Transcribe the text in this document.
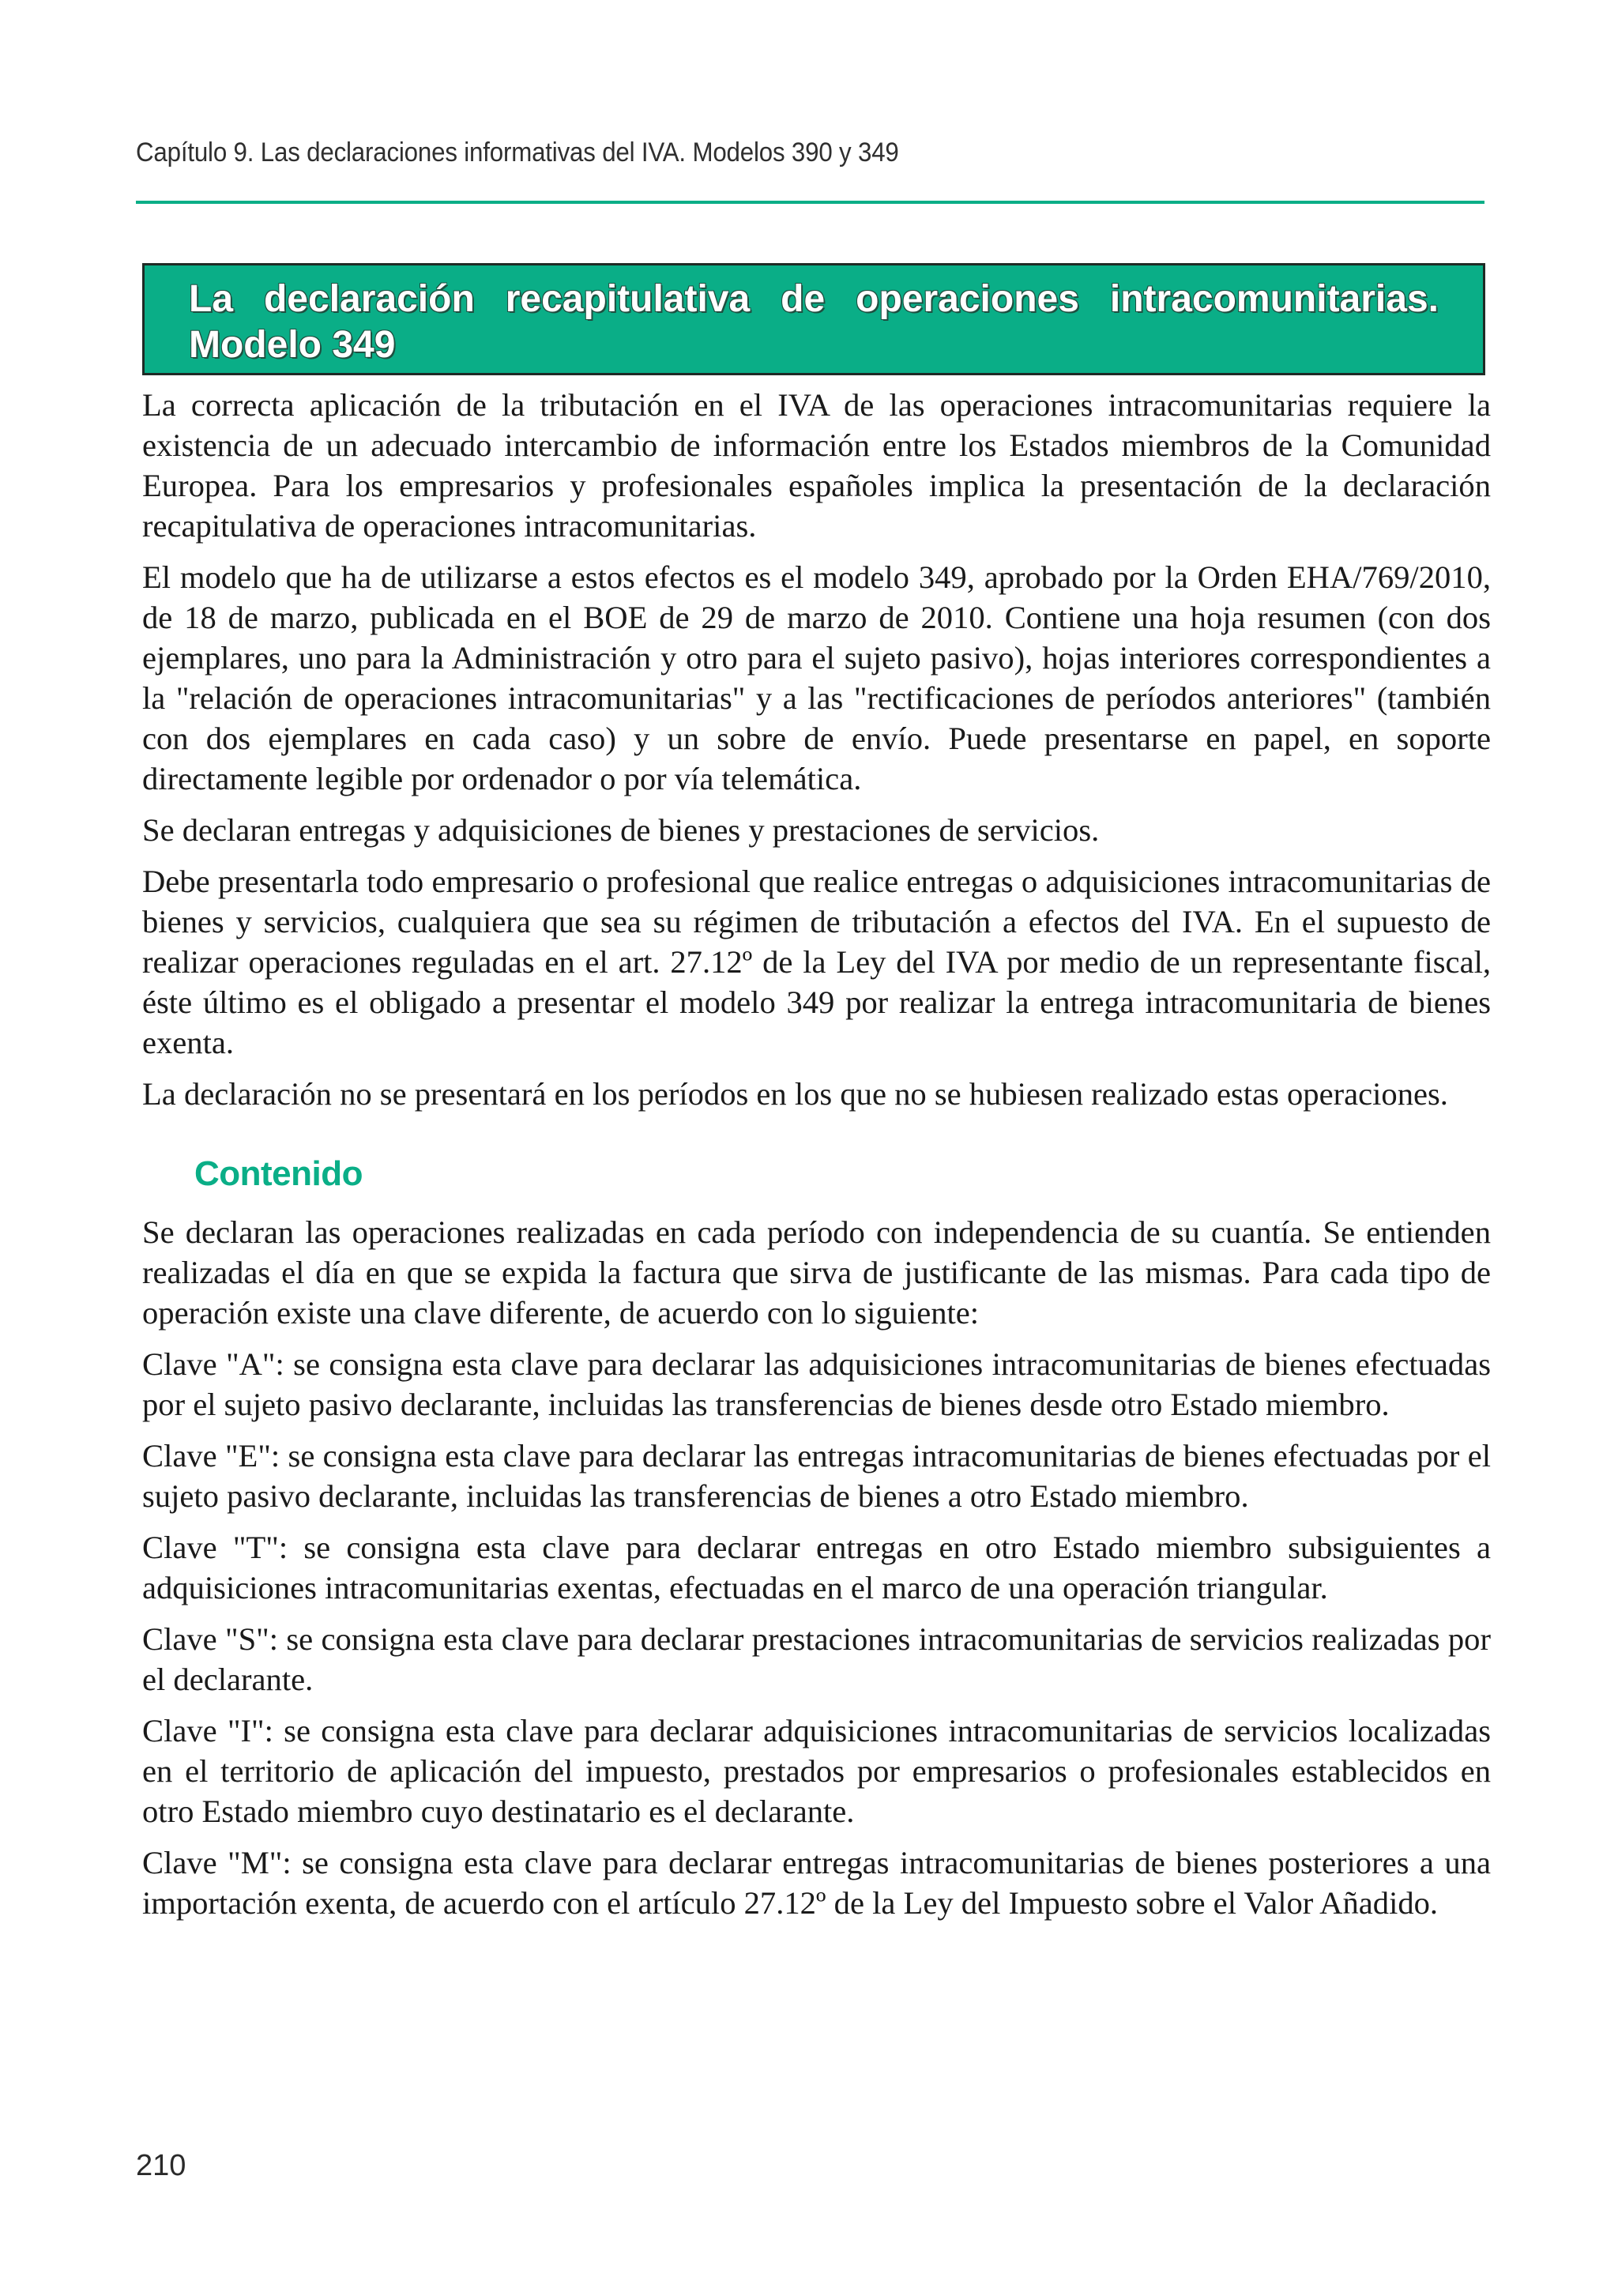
Capítulo 9. Las declaraciones informativas del IVA. Modelos 390 y 349
La declaración recapitulativa de operaciones intracomunitarias. Modelo 349

La correcta aplicación de la tributación en el IVA de las operaciones intracomunitarias requiere la existencia de un adecuado intercambio de información entre los Estados miembros de la Comunidad Europea. Para los empresarios y profesionales españoles implica la presentación de la declaración recapitulativa de operaciones intracomunitarias.

El modelo que ha de utilizarse a estos efectos es el modelo 349, aprobado por la Orden EHA/769/2010, de 18 de marzo, publicada en el BOE de 29 de marzo de 2010. Contiene una hoja resumen (con dos ejemplares, uno para la Administración y otro para el sujeto pasivo), hojas interiores correspondientes a la "relación de operaciones intracomunitarias" y a las "rectificaciones de períodos anteriores" (también con dos ejemplares en cada caso) y un sobre de envío. Puede presentarse en papel, en soporte directamente legible por ordenador o por vía telemática.

Se declaran entregas y adquisiciones de bienes y prestaciones de servicios.

Debe presentarla todo empresario o profesional que realice entregas o adquisiciones intracomunitarias de bienes y servicios, cualquiera que sea su régimen de tributación a efectos del IVA. En el supuesto de realizar operaciones reguladas en el art. 27.12º de la Ley del IVA por medio de un representante fiscal, éste último es el obligado a presentar el modelo 349 por realizar la entrega intracomunitaria de bienes exenta.

La declaración no se presentará en los períodos en los que no se hubiesen realizado estas operaciones.

Contenido

Se declaran las operaciones realizadas en cada período con independencia de su cuantía. Se entienden realizadas el día en que se expida la factura que sirva de justificante de las mismas. Para cada tipo de operación existe una clave diferente, de acuerdo con lo siguiente:

Clave "A": se consigna esta clave para declarar las adquisiciones intracomunitarias de bienes efectuadas por el sujeto pasivo declarante, incluidas las transferencias de bienes desde otro Estado miembro.

Clave "E": se consigna esta clave para declarar las entregas intracomunitarias de bienes efectuadas por el sujeto pasivo declarante, incluidas las transferencias de bienes a otro Estado miembro.

Clave "T": se consigna esta clave para declarar entregas en otro Estado miembro subsiguientes a adquisiciones intracomunitarias exentas, efectuadas en el marco de una operación triangular.

Clave "S": se consigna esta clave para declarar prestaciones intracomunitarias de servicios realizadas por el declarante.

Clave "I": se consigna esta clave para declarar adquisiciones intracomunitarias de servicios localizadas en el territorio de aplicación del impuesto, prestados por empresarios o profesionales establecidos en otro Estado miembro cuyo destinatario es el declarante.

Clave "M": se consigna esta clave para declarar entregas intracomunitarias de bienes posteriores a una importación exenta, de acuerdo con el artículo 27.12º de la Ley del Impuesto sobre el Valor Añadido.

210
